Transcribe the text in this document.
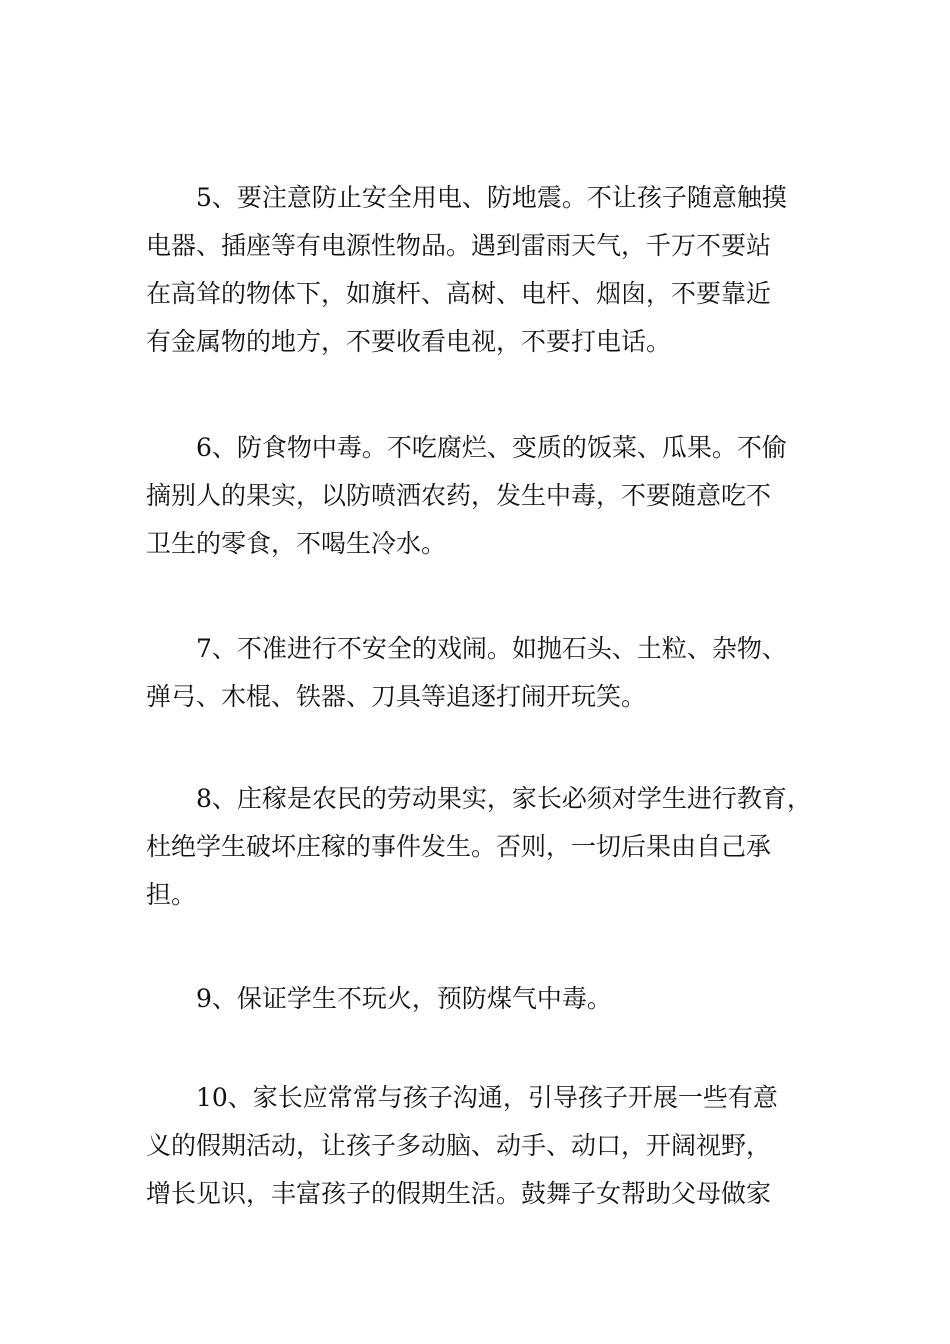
5、要注意防止安全用电、防地震。不让孩子随意触摸
电器、插座等有电源性物品。遇到雷雨天气，千万不要站
在高耸的物体下，如旗杆、高树、电杆、烟囱，不要靠近
有金属物的地方，不要收看电视，不要打电话。
6、防食物中毒。不吃腐烂、变质的饭菜、瓜果。不偷
摘别人的果实，以防喷洒农药，发生中毒，不要随意吃不
卫生的零食，不喝生冷水。
7、不准进行不安全的戏闹。如抛石头、土粒、杂物、
弹弓、木棍、铁器、刀具等追逐打闹开玩笑。
8、庄稼是农民的劳动果实，家长必须对学生进行教育，
杜绝学生破坏庄稼的事件发生。否则，一切后果由自己承
担。
9、保证学生不玩火，预防煤气中毒。
10、家长应常常与孩子沟通，引导孩子开展一些有意
义的假期活动，让孩子多动脑、动手、动口，开阔视野，
增长见识，丰富孩子的假期生活。鼓舞子女帮助父母做家
